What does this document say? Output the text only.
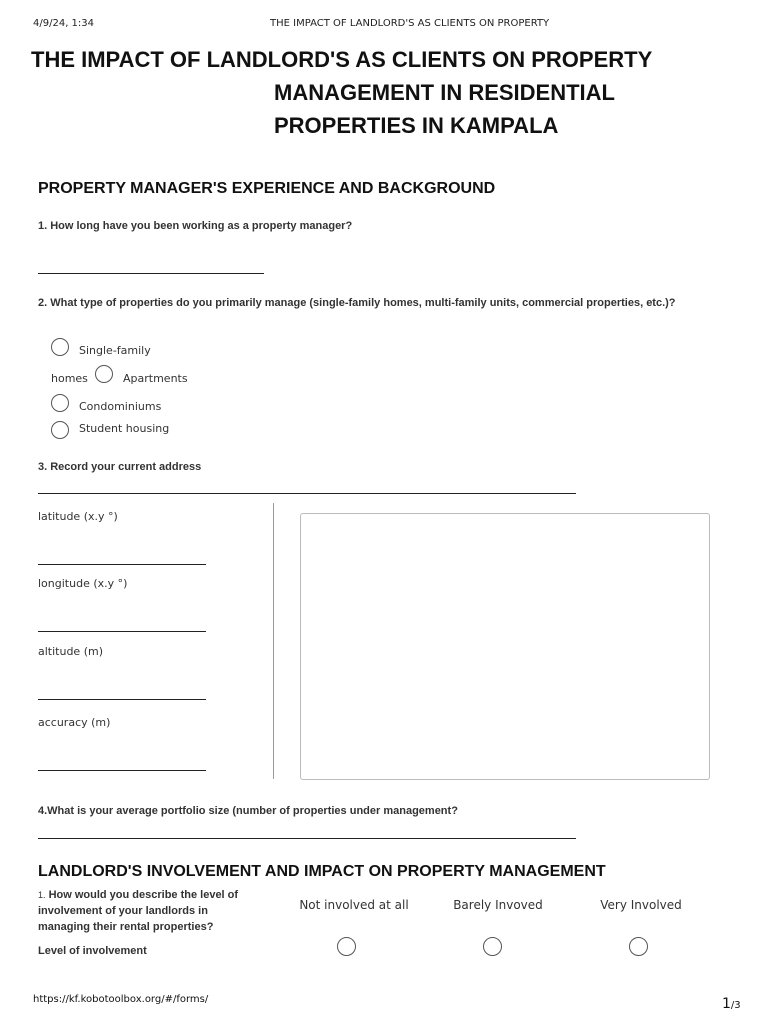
4/9/24, 1:34	THE IMPACT OF LANDLORD'S AS CLIENTS ON PROPERTY
THE IMPACT OF LANDLORD'S AS CLIENTS ON PROPERTY
MANAGEMENT IN RESIDENTIAL
PROPERTIES IN KAMPALA
PROPERTY MANAGER'S EXPERIENCE AND BACKGROUND
1. How long have you been working as a property manager?
2. What type of properties do you primarily manage (single-family homes, multi-family units, commercial properties, etc.)?
Single-family
homes	Apartments
Condominiums
Student housing
3. Record your current address
latitude (x.y °)
longitude (x.y °)
altitude (m)
accuracy (m)
4.What is your average portfolio size (number of properties under management?
LANDLORD'S INVOLVEMENT AND IMPACT ON PROPERTY MANAGEMENT
1. How would you describe the level of involvement of your landlords in managing their rental properties?
Level of involvement
Not involved at all	Barely Invoved	Very Involved
https://kf.kobotoolbox.org/#/forms/	1/3
